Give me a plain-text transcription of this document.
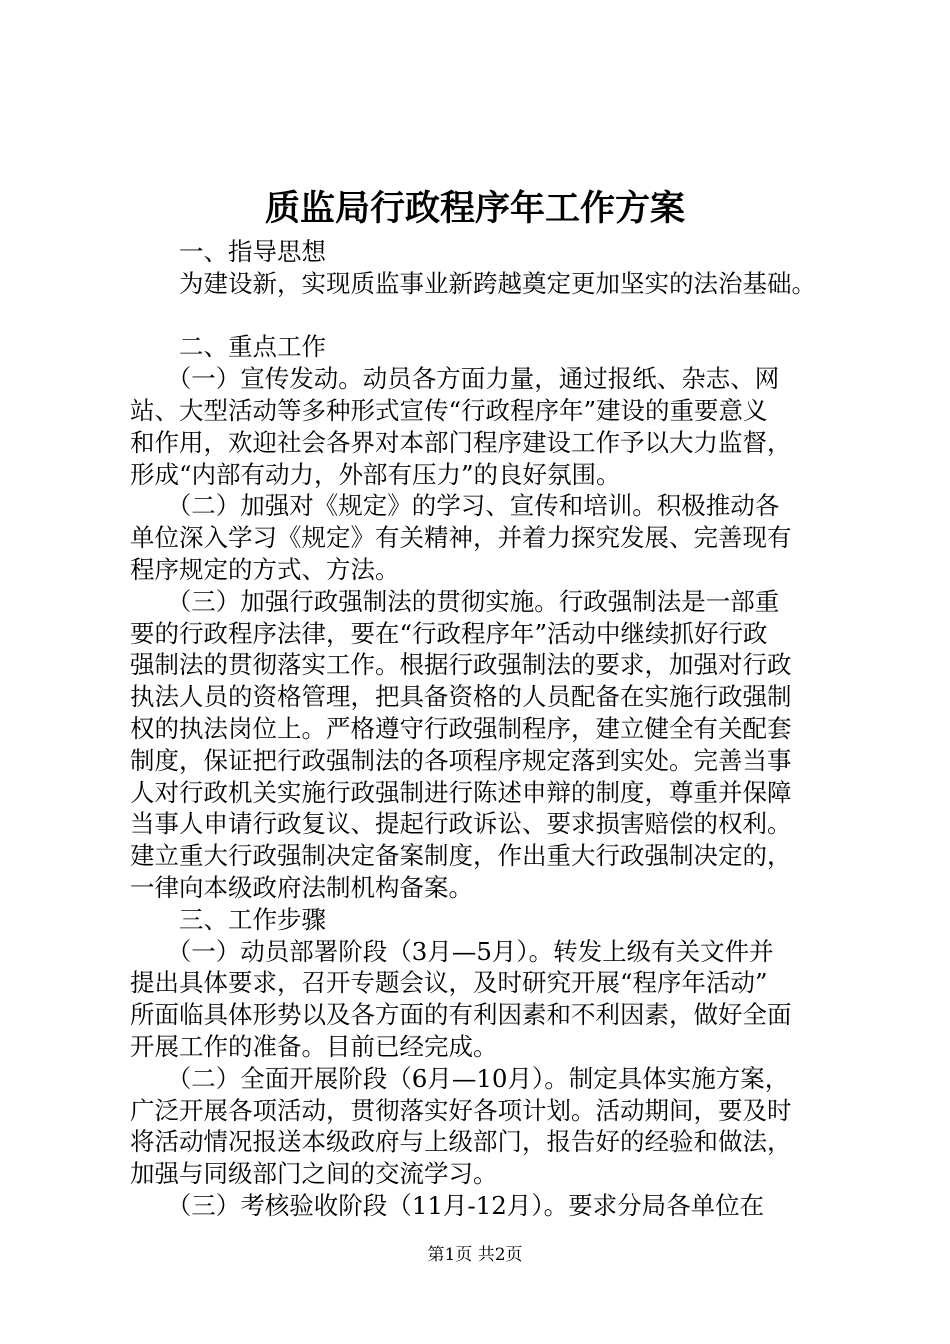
质监局行政程序年工作方案
　　一、指导思想
　　为建设新，实现质监事业新跨越奠定更加坚实的法治基础。
　　二、重点工作
　　（一）宣传发动。动员各方面力量，通过报纸、杂志、网
站、大型活动等多种形式宣传“行政程序年”建设的重要意义
和作用，欢迎社会各界对本部门程序建设工作予以大力监督，
形成“内部有动力，外部有压力”的良好氛围。
　　（二）加强对《规定》的学习、宣传和培训。积极推动各
单位深入学习《规定》有关精神，并着力探究发展、完善现有
程序规定的方式、方法。
　　（三）加强行政强制法的贯彻实施。行政强制法是一部重
要的行政程序法律，要在“行政程序年”活动中继续抓好行政
强制法的贯彻落实工作。根据行政强制法的要求，加强对行政
执法人员的资格管理，把具备资格的人员配备在实施行政强制
权的执法岗位上。严格遵守行政强制程序，建立健全有关配套
制度，保证把行政强制法的各项程序规定落到实处。完善当事
人对行政机关实施行政强制进行陈述申辩的制度，尊重并保障
当事人申请行政复议、提起行政诉讼、要求损害赔偿的权利。
建立重大行政强制决定备案制度，作出重大行政强制决定的，
一律向本级政府法制机构备案。
　　三、工作步骤
　　（一）动员部署阶段（3月—5月）。转发上级有关文件并
提出具体要求，召开专题会议，及时研究开展“程序年活动”
所面临具体形势以及各方面的有利因素和不利因素，做好全面
开展工作的准备。目前已经完成。
　　（二）全面开展阶段（6月—10月）。制定具体实施方案，
广泛开展各项活动，贯彻落实好各项计划。活动期间，要及时
将活动情况报送本级政府与上级部门，报告好的经验和做法，
加强与同级部门之间的交流学习。
　　（三）考核验收阶段（11月-12月）。要求分局各单位在
第1页 共2页
